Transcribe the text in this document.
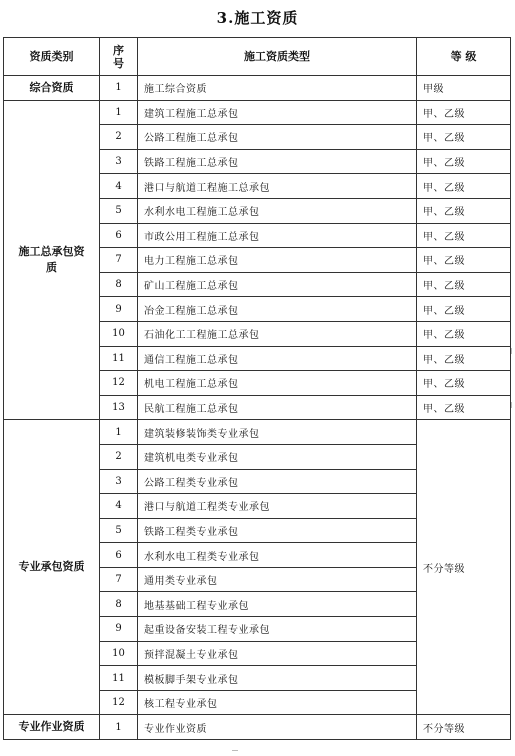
3.施工资质
资质类别	序号	施工资质类型	等 级
综合资质	1	施工综合资质	甲级
施工总承包资质	1	建筑工程施工总承包	甲、乙级
	2	公路工程施工总承包	甲、乙级
	3	铁路工程施工总承包	甲、乙级
	4	港口与航道工程施工总承包	甲、乙级
	5	水利水电工程施工总承包	甲、乙级
	6	市政公用工程施工总承包	甲、乙级
	7	电力工程施工总承包	甲、乙级
	8	矿山工程施工总承包	甲、乙级
	9	冶金工程施工总承包	甲、乙级
	10	石油化工工程施工总承包	甲、乙级
	11	通信工程施工总承包	甲、乙级
	12	机电工程施工总承包	甲、乙级
	13	民航工程施工总承包	甲、乙级
专业承包资质	1	建筑装修装饰类专业承包	不分等级
	2	建筑机电类专业承包	
	3	公路工程类专业承包	
	4	港口与航道工程类专业承包	
	5	铁路工程类专业承包	
	6	水利水电工程类专业承包	
	7	通用类专业承包	
	8	地基基础工程专业承包	
	9	起重设备安装工程专业承包	
	10	预拌混凝土专业承包	
	11	模板脚手架专业承包	
	12	核工程专业承包	
专业作业资质	1	专业作业资质	不分等级
